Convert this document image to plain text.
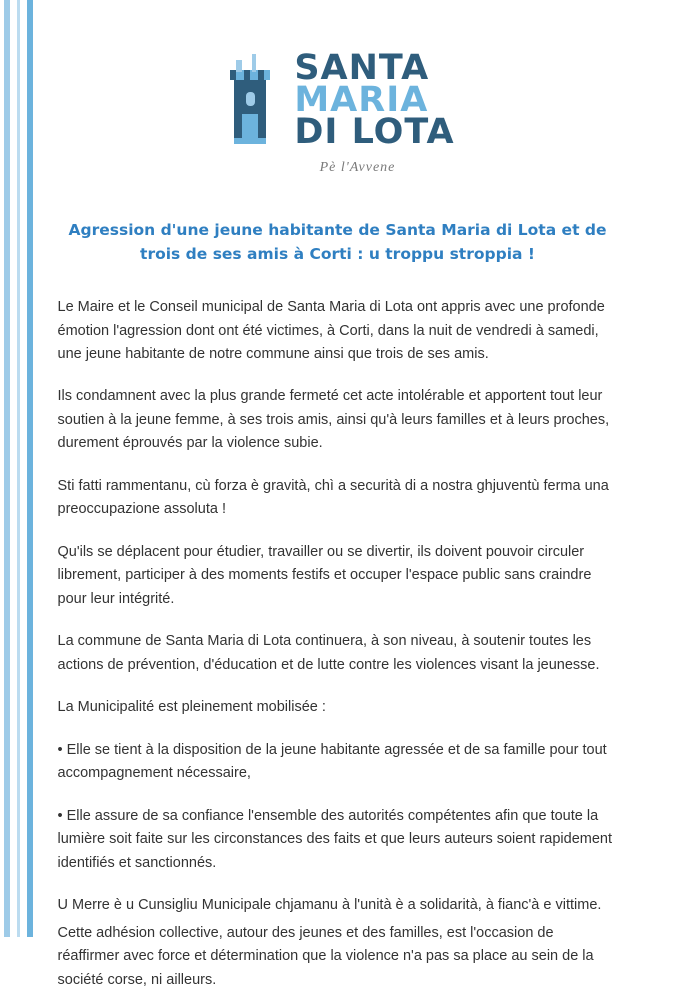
SANTA
MARIA
DI LOTA
Pè l'Avvene
Agression d'une jeune habitante de Santa Maria di Lota et de trois de ses amis à Corti : u troppu stroppia !

Le Maire et le Conseil municipal de Santa Maria di Lota ont appris avec une profonde émotion l'agression dont ont été victimes, à Corti, dans la nuit de vendredi à samedi, une jeune habitante de notre commune ainsi que trois de ses amis.

Ils condamnent avec la plus grande fermeté cet acte intolérable et apportent tout leur soutien à la jeune femme, à ses trois amis, ainsi qu'à leurs familles et à leurs proches, durement éprouvés par la violence subie.

Sti fatti rammentanu, cù forza è gravità, chì a securità di a nostra ghjuventù ferma una preoccupazione assoluta !

Qu'ils se déplacent pour étudier, travailler ou se divertir, ils doivent pouvoir circuler librement, participer à des moments festifs et occuper l'espace public sans craindre pour leur intégrité.

La commune de Santa Maria di Lota continuera, à son niveau, à soutenir toutes les actions de prévention, d'éducation et de lutte contre les violences visant la jeunesse.

La Municipalité est pleinement mobilisée :

• Elle se tient à la disposition de la jeune habitante agressée et de sa famille pour tout accompagnement nécessaire,

• Elle assure de sa confiance l'ensemble des autorités compétentes afin que toute la lumière soit faite sur les circonstances des faits et que leurs auteurs soient rapidement identifiés et sanctionnés.

U Merre è u Cunsigliu Municipale chjamanu à l'unità è a solidarità, à fianc'à e vittime.

Cette adhésion collective, autour des jeunes et des familles, est l'occasion de réaffirmer avec force et détermination que la violence n'a pas sa place au sein de la société corse, ni ailleurs.
